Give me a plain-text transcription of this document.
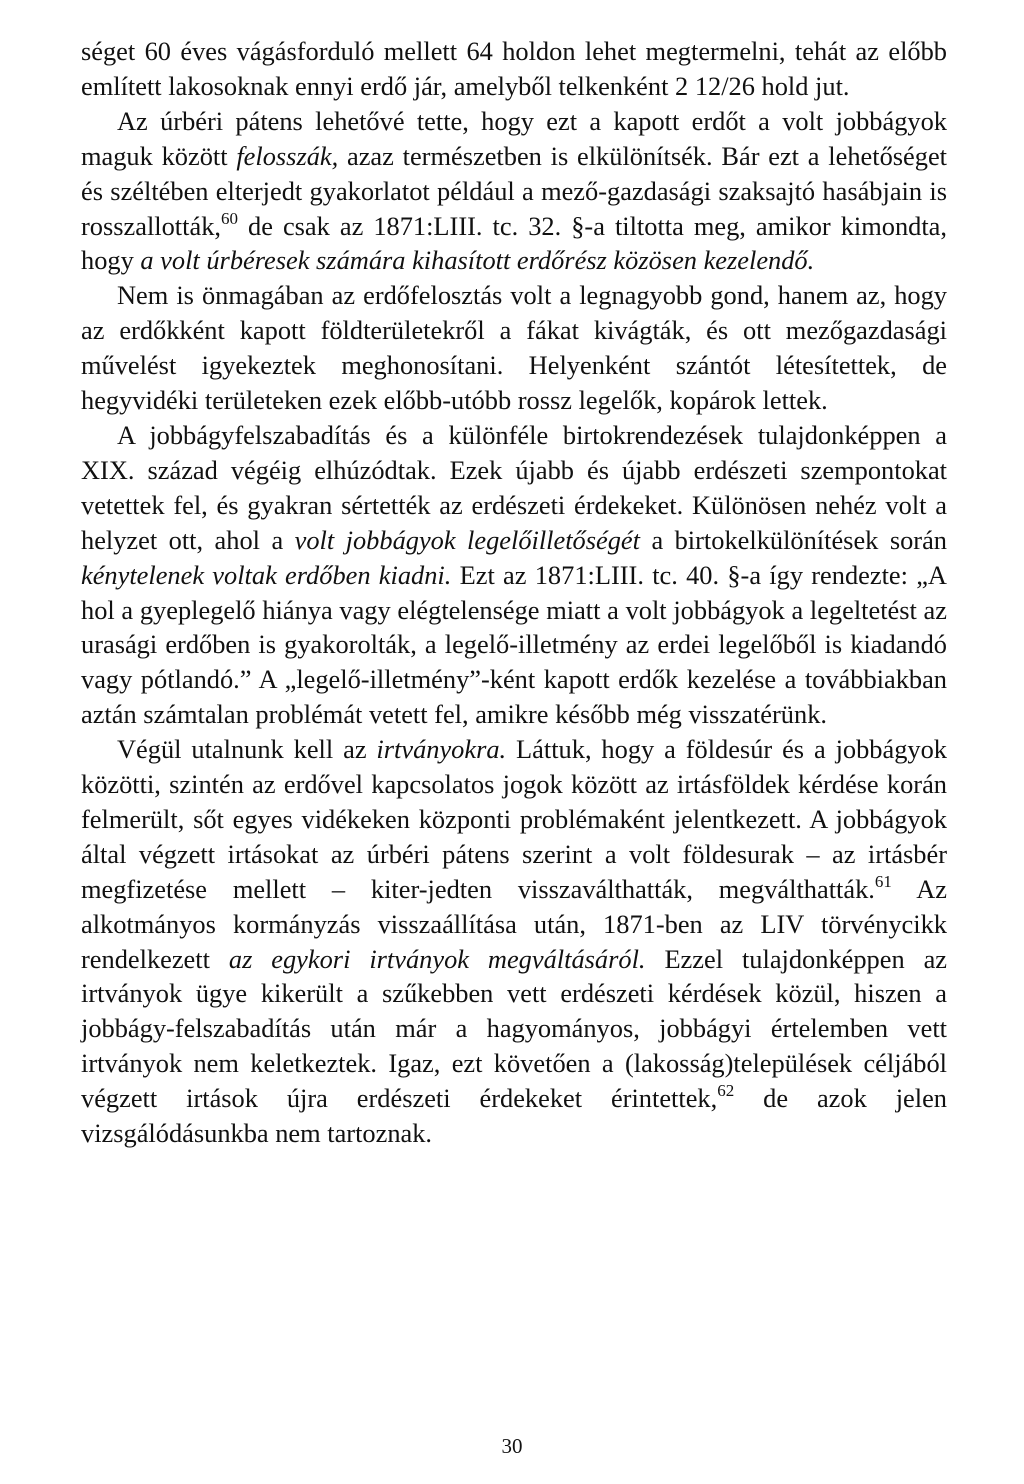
séget 60 éves vágásforduló mellett 64 holdon lehet megtermelni, tehát az előbb említett lakosoknak ennyi erdő jár, amelyből telkenként 2 12/26 hold jut.

Az úrbéri pátens lehetővé tette, hogy ezt a kapott erdőt a volt jobbágyok maguk között felosszák, azaz természetben is elkülönítsék. Bár ezt a lehetőséget és széltében elterjedt gyakorlatot például a mező-gazdasági szaksajtó hasábjain is rosszallották,$^{60}$ de csak az 1871:LIII. tc. 32. §-a tiltotta meg, amikor kimondta, hogy a volt úrbéresek számára kihasított erdőrész közösen kezelendő.

Nem is önmagában az erdőfelosztás volt a legnagyobb gond, hanem az, hogy az erdőkként kapott földterületekről a fákat kivágták, és ott mezőgazdasági művelést igyekeztek meghonosítani. Helyenként szántót létesítettek, de hegyvidéki területeken ezek előbb-utóbb rossz legelők, kopárok lettek.

A jobbágyfelszabadítás és a különféle birtokrendezések tulajdonképpen a XIX. század végéig elhúzódtak. Ezek újabb és újabb erdészeti szempontokat vetettek fel, és gyakran sértették az erdészeti érdekeket. Különösen nehéz volt a helyzet ott, ahol a volt jobbágyok legelőilletőségét a birtokelkülönítések során kénytelenek voltak erdőben kiadni. Ezt az 1871:LIII. tc. 40. §-a így rendezte: „A hol a gyeplegelő hiánya vagy elégtelensége miatt a volt jobbágyok a legeltetést az urasági erdőben is gyakorolták, a legelő-illetmény az erdei legelőből is kiadandó vagy pótlandó.” A „legelő-illetmény”-ként kapott erdők kezelése a továbbiakban aztán számtalan problémát vetett fel, amikre később még visszatérünk.

Végül utalnunk kell az irtványokra. Láttuk, hogy a földesúr és a jobbágyok közötti, szintén az erdővel kapcsolatos jogok között az irtásföldek kérdése korán felmerült, sőt egyes vidékeken központi problémaként jelentkezett. A jobbágyok által végzett irtásokat az úrbéri pátens szerint a volt földesurak – az irtásbér megfizetése mellett – kiter-jedten visszaválthatták, megválthatták.$^{61}$ Az alkotmányos kormányzás visszaállítása után, 1871-ben az LIV törvénycikk rendelkezett az egykori irtványok megváltásáról. Ezzel tulajdonképpen az irtványok ügye kikerült a szűkebben vett erdészeti kérdések közül, hiszen a jobbágy-felszabadítás után már a hagyományos, jobbágyi értelemben vett irtványok nem keletkeztek. Igaz, ezt követően a (lakosság)települések céljából végzett irtások újra erdészeti érdekeket érintettek,$^{62}$ de azok jelen vizsgálódásunkba nem tartoznak.

30
